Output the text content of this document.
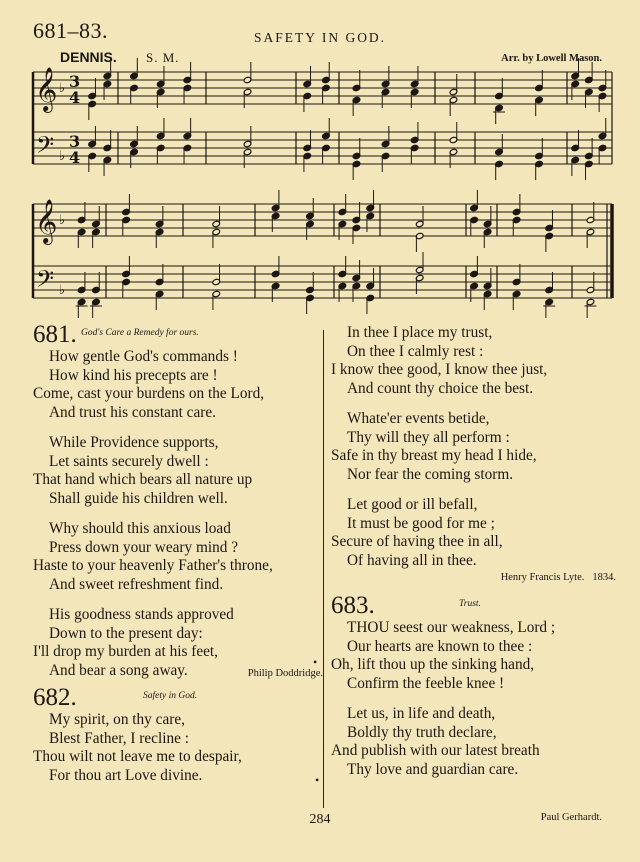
681–83.	SAFETY IN GOD.
DENNIS. S. M.	Arr. by Lowell Mason.
𝄞
𝄢
♭
♭
3
4
3
4
𝄞
𝄢
♭
♭
681. God's Care a Remedy for ours.
How gentle God's commands !
How kind his precepts are !
Come, cast your burdens on the Lord,
And trust his constant care.
While Providence supports,
Let saints securely dwell :
That hand which bears all nature up
Shall guide his children well.
Why should this anxious load
Press down your weary mind ?
Haste to your heavenly Father's throne,
And sweet refreshment find.
His goodness stands approved
Down to the present day:
I'll drop my burden at his feet,
And bear a song away.	Philip Doddridge.
682.	Safety in God.
My spirit, on thy care,
Blest Father, I recline :
Thou wilt not leave me to despair,
For thou art Love divine.
•
•
In thee I place my trust,
On thee I calmly rest :
I know thee good, I know thee just,
And count thy choice the best.
Whate'er events betide,
Thy will they all perform :
Safe in thy breast my head I hide,
Nor fear the coming storm.
Let good or ill befall,
It must be good for me ;
Secure of having thee in all,
Of having all in thee.
Henry Francis Lyte. 1834.
683.	Trust.
THOU seest our weakness, Lord ;
Our hearts are known to thee :
Oh, lift thou up the sinking hand,
Confirm the feeble knee !
Let us, in life and death,
Boldly thy truth declare,
And publish with our latest breath
Thy love and guardian care.
284	Paul Gerhardt.
